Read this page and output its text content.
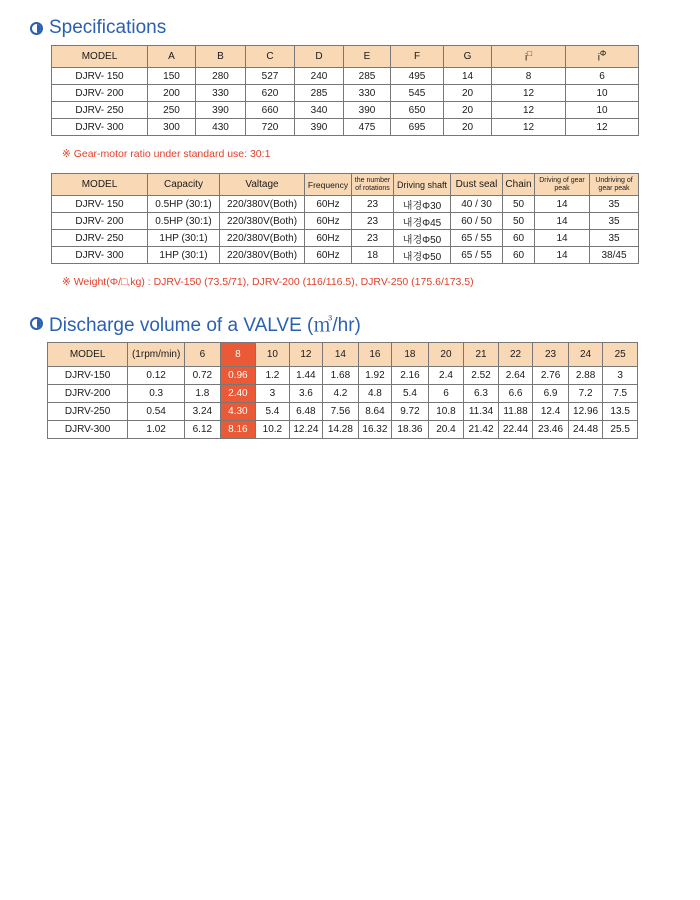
Specifications
MODEL	A	B	C	D	E	F	G	i□	$i^\Phi$
DJRV- 150	150	280	527	240	285	495	14	8	6
DJRV- 200	200	330	620	285	330	545	20	12	10
DJRV- 250	250	390	660	340	390	650	20	12	10
DJRV- 300	300	430	720	390	475	695	20	12	12

※ Gear-motor ratio under standard use: 30:1

MODEL	Capacity	Valtage	Frequency	the number of rotations	Driving shaft	Dust seal	Chain	Driving of gear peak	Undriving of gear peak
DJRV- 150	0.5HP (30:1)	220/380V(Both)	60Hz	23	내경Φ30	40 / 30	50	14	35
DJRV- 200	0.5HP (30:1)	220/380V(Both)	60Hz	23	내경Φ45	60 / 50	50	14	35
DJRV- 250	1HP (30:1)	220/380V(Both)	60Hz	23	내경Φ50	65 / 55	60	14	35
DJRV- 300	1HP (30:1)	220/380V(Both)	60Hz	18	내경Φ50	65 / 55	60	14	38/45

※ Weight(Φ/□,kg) : DJRV-150 (73.5/71), DJRV-200 (116/116.5), DJRV-250 (175.6/173.5)

Discharge volume of a VALVE (㎥/hr)
MODEL	(1rpm/min)	6	8	10	12	14	16	18	20	21	22	23	24	25
DJRV-150	0.12	0.72	0.96	1.2	1.44	1.68	1.92	2.16	2.4	2.52	2.64	2.76	2.88	3
DJRV-200	0.3	1.8	2.40	3	3.6	4.2	4.8	5.4	6	6.3	6.6	6.9	7.2	7.5
DJRV-250	0.54	3.24	4.30	5.4	6.48	7.56	8.64	9.72	10.8	11.34	11.88	12.4	12.96	13.5
DJRV-300	1.02	6.12	8.16	10.2	12.24	14.28	16.32	18.36	20.4	21.42	22.44	23.46	24.48	25.5
